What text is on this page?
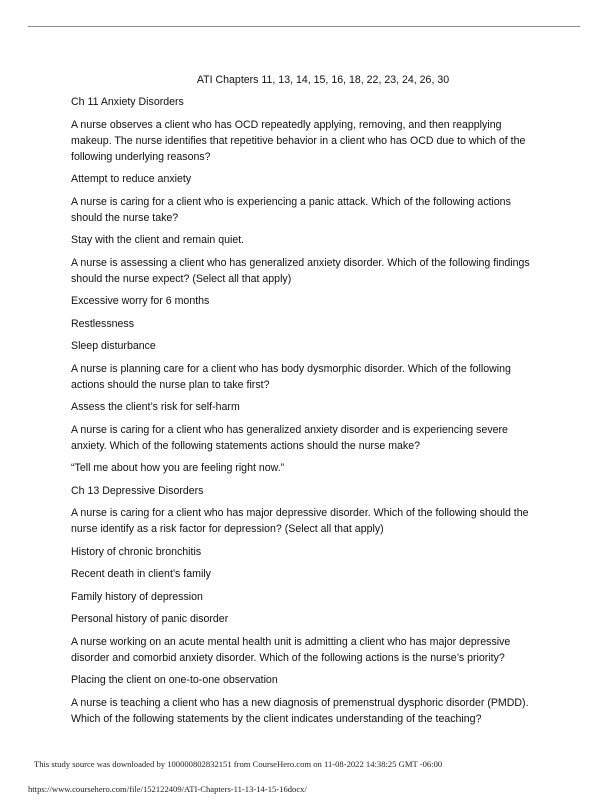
ATI Chapters 11, 13, 14, 15, 16, 18, 22, 23, 24, 26, 30
Ch 11 Anxiety Disorders
A nurse observes a client who has OCD repeatedly applying, removing, and then reapplying makeup. The nurse identifies that repetitive behavior in a client who has OCD due to which of the following underlying reasons?
Attempt to reduce anxiety
A nurse is caring for a client who is experiencing a panic attack. Which of the following actions should the nurse take?
Stay with the client and remain quiet.
A nurse is assessing a client who has generalized anxiety disorder. Which of the following findings should the nurse expect? (Select all that apply)
Excessive worry for 6 months
Restlessness
Sleep disturbance
A nurse is planning care for a client who has body dysmorphic disorder. Which of the following actions should the nurse plan to take first?
Assess the client’s risk for self-harm
A nurse is caring for a client who has generalized anxiety disorder and is experiencing severe anxiety. Which of the following statements actions should the nurse make?
“Tell me about how you are feeling right now.”
Ch 13 Depressive Disorders
A nurse is caring for a client who has major depressive disorder. Which of the following should the nurse identify as a risk factor for depression? (Select all that apply)
History of chronic bronchitis
Recent death in client’s family
Family history of depression
Personal history of panic disorder
A nurse working on an acute mental health unit is admitting a client who has major depressive disorder and comorbid anxiety disorder. Which of the following actions is the nurse’s priority?
Placing the client on one-to-one observation
A nurse is teaching a client who has a new diagnosis of premenstrual dysphoric disorder (PMDD). Which of the following statements by the client indicates understanding of the teaching?
This study source was downloaded by 100000802832151 from CourseHero.com on 11-08-2022 14:38:25 GMT -06:00
https://www.coursehero.com/file/152122409/ATI-Chapters-11-13-14-15-16docx/
